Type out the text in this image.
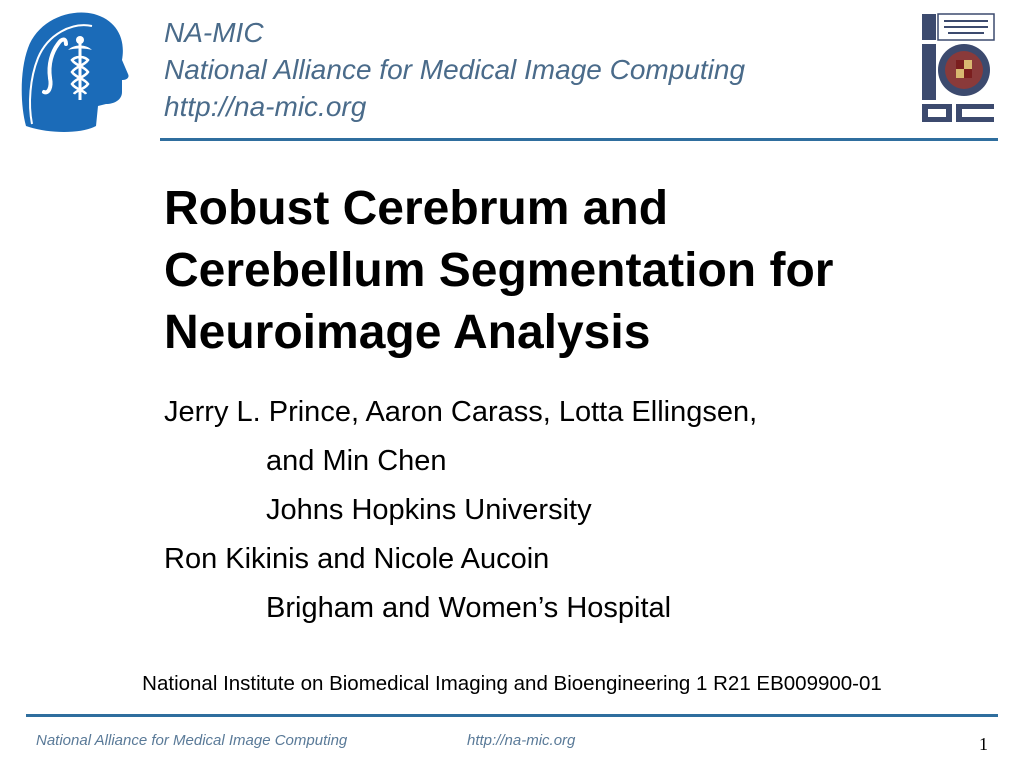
NA-MIC
National Alliance for Medical Image Computing
http://na-mic.org
Robust Cerebrum and
Cerebellum Segmentation for
Neuroimage Analysis
Jerry L. Prince, Aaron Carass, Lotta Ellingsen,
and Min Chen
Johns Hopkins University
Ron Kikinis and Nicole Aucoin
Brigham and Women’s Hospital
National Institute on Biomedical Imaging and Bioengineering 1 R21 EB009900-01
National Alliance for Medical Image Computing	http://na-mic.org	1
